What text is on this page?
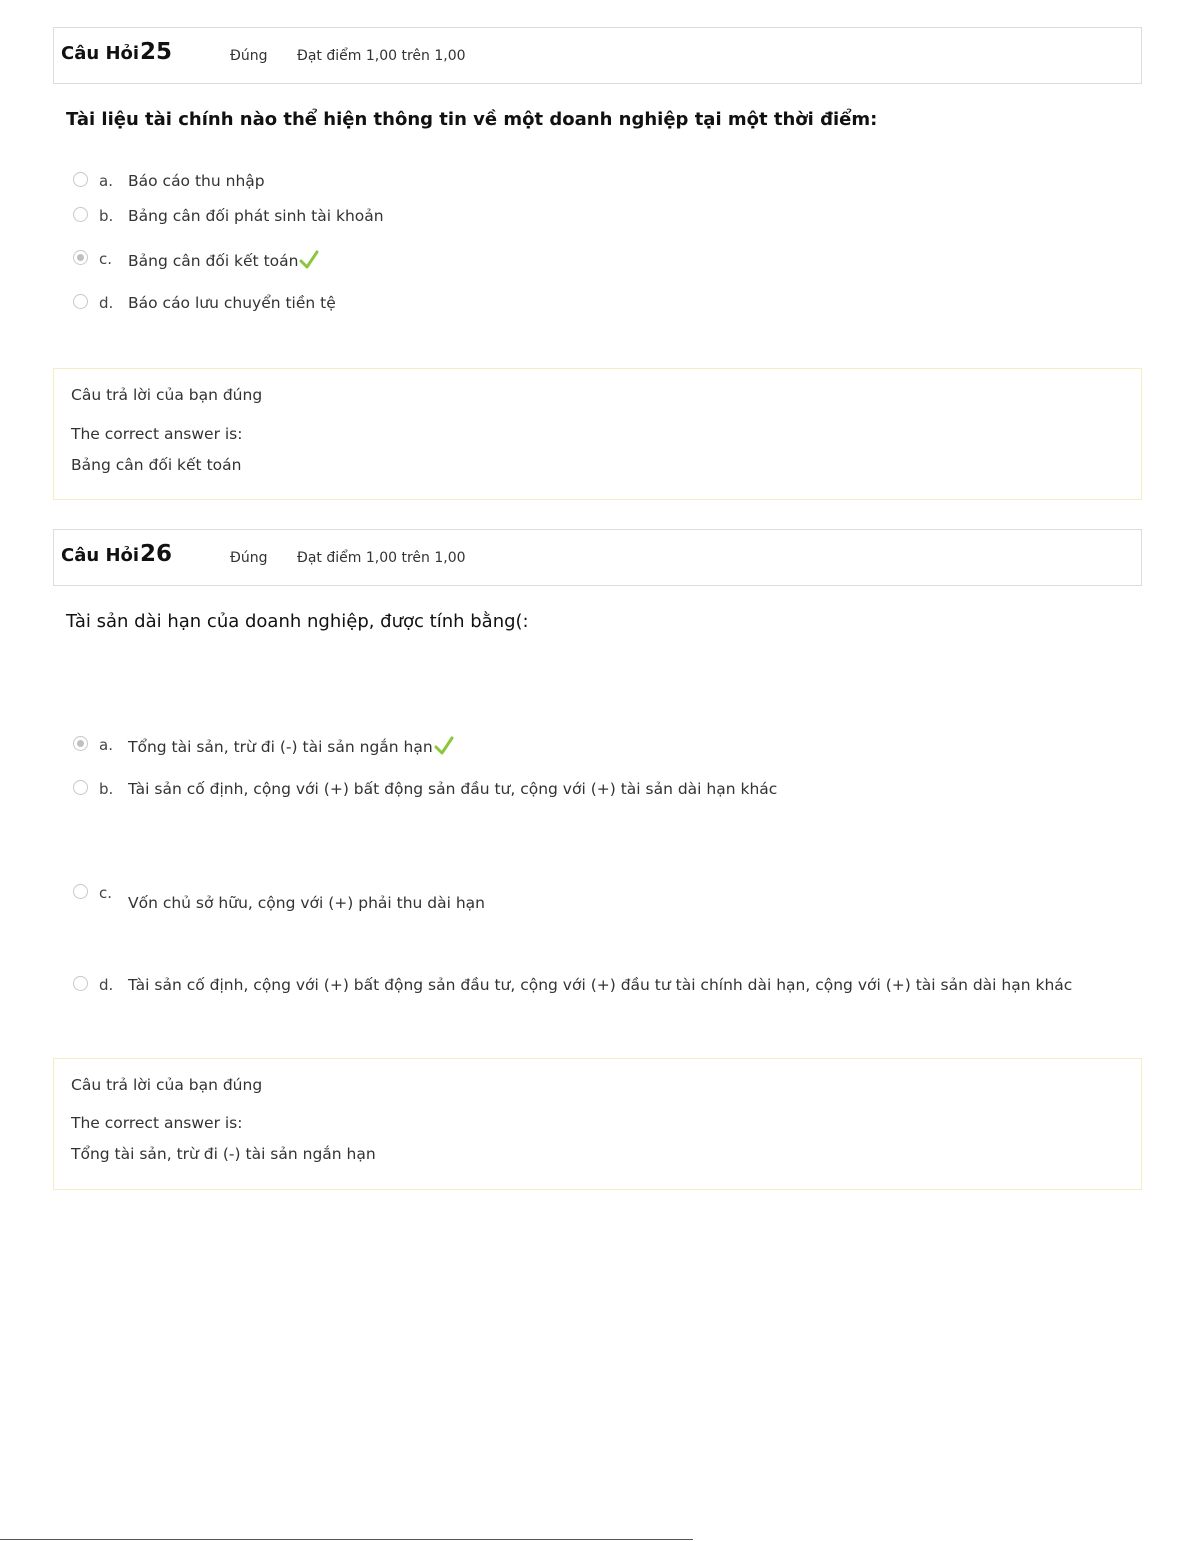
Câu Hỏi 25	Đúng Đạt điểm 1,00 trên 1,00
Tài liệu tài chính nào thể hiện thông tin về một doanh nghiệp tại một thời điểm:
a. Báo cáo thu nhập
b. Bảng cân đối phát sinh tài khoản
c. Bảng cân đối kết toán
d. Báo cáo lưu chuyển tiền tệ
Câu trả lời của bạn đúng
The correct answer is:
Bảng cân đối kết toán
Câu Hỏi 26	Đúng Đạt điểm 1,00 trên 1,00
Tài sản dài hạn của doanh nghiệp, được tính bằng(:
a. Tổng tài sản, trừ đi (-) tài sản ngắn hạn
b. Tài sản cố định, cộng với (+) bất động sản đầu tư, cộng với (+) tài sản dài hạn khác
c.
Vốn chủ sở hữu, cộng với (+) phải thu dài hạn
d. Tài sản cố định, cộng với (+) bất động sản đầu tư, cộng với (+) đầu tư tài chính dài hạn, cộng với (+) tài sản dài hạn khác
Câu trả lời của bạn đúng
The correct answer is:
Tổng tài sản, trừ đi (-) tài sản ngắn hạn
